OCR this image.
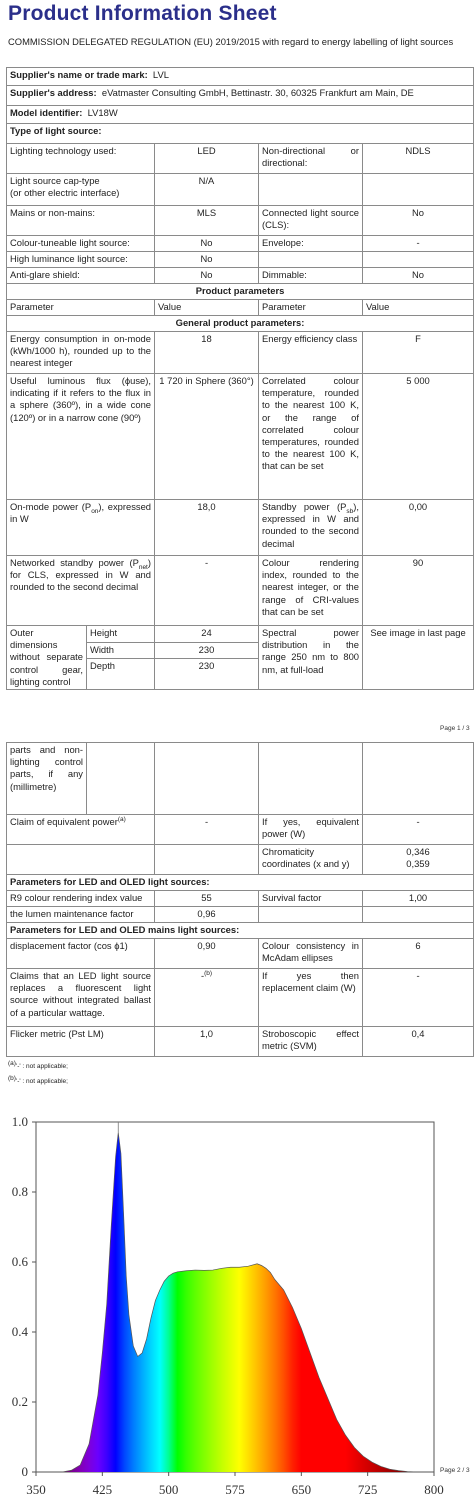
Product Information Sheet
COMMISSION DELEGATED REGULATION (EU) 2019/2015 with regard to energy labelling of light sources
Supplier's name or trade mark: LVL				
Supplier's address: eVatmaster Consulting GmbH, Bettinastr. 30, 60325 Frankfurt am Main, DE				
Model identifier: LV18W				
Type of light source:				
Lighting technology used:		LED	Non-directional or directional:	NDLS
Light source cap-type
(or other electric interface)		N/A		
Mains or non-mains:		MLS	Connected light source (CLS):	No
Colour-tuneable light source:		No	Envelope:	-
High luminance light source:		No		
Anti-glare shield:		No	Dimmable:	No
Product parameters				
Parameter		Value	Parameter	Value
General product parameters:				
Energy consumption in on-mode (kWh/1000 h), rounded up to the nearest integer		18	Energy efficiency class	F
Useful luminous flux (ϕuse), indicating if it refers to the flux in a sphere (360º), in a wide cone (120º) or in a narrow cone (90º)		1 720 in Sphere (360°)	Correlated colour temperature, rounded to the nearest 100 K, or the range of correlated colour temperatures, rounded to the nearest 100 K, that can be set	5 000
On-mode power $(P_{on})$, expressed in W		18,0	Standby power $(P_{sb})$, expressed in W and rounded to the second decimal	0,00
Networked standby power $(P_{net})$ for CLS, expressed in W and rounded to the second decimal		-	Colour rendering index, rounded to the nearest integer, or the range of CRI-values that can be set	90
Outer dimensions without separate control gear, lighting control	Height	24	Spectral power distribution in the range 250 nm to 800 nm, at full-load	See image in last page
	Width	230		
	Depth	230		
Page 1 / 3
parts and non-lighting control parts, if any (millimetre)				
Claim of equivalent power$^{(a)}$		-	If yes, equivalent power (W)	-
			Chromaticity coordinates (x and y)	0,346
0,359

Parameters for LED and OLED light sources:				
R9 colour rendering index value		55	Survival factor	1,00
the lumen maintenance factor		0,96		
Parameters for LED and OLED mains light sources:				
displacement factor (cos ϕ1)		0,90	Colour consistency in McAdam ellipses	6
Claims that an LED light source replaces a fluorescent light source without integrated ballast of a particular wattage.		-$^{(b)}$	If yes then replacement claim (W)	-
Flicker metric (Pst LM)		1,0	Stroboscopic effect metric (SVM)	0,4
$^{(a)}$'-' : not applicable;
$^{(b)}$'-' : not applicable;
0
0.2
0.4
0.6
0.8
1.0
350	425	500	575	650	725	800
Page 2 / 3
